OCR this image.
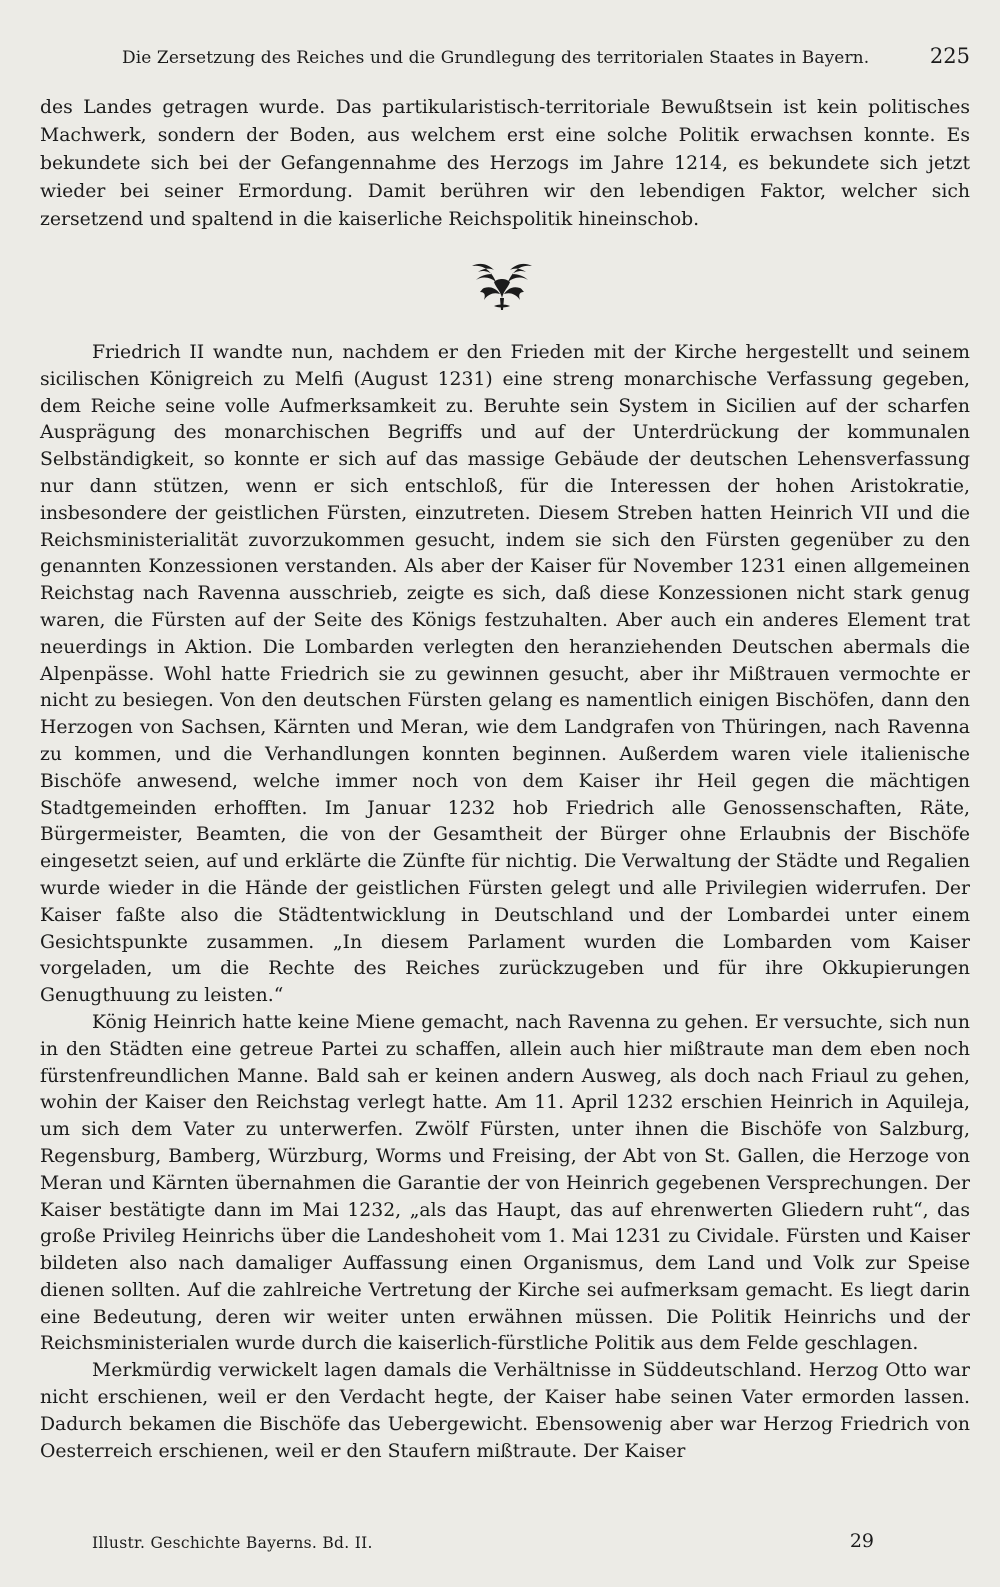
Die Zersetzung des Reiches und die Grundlegung des territorialen Staates in Bayern.	225

des Landes getragen wurde. Das partikularistisch-territoriale Bewußtsein ist kein politisches Machwerk, sondern der Boden, aus welchem erst eine solche Politik erwachsen konnte. Es bekundete sich bei der Gefangennahme des Herzogs im Jahre 1214, es bekundete sich jetzt wieder bei seiner Ermordung. Damit berühren wir den lebendigen Faktor, welcher sich zersetzend und spaltend in die kaiserliche Reichspolitik hineinschob.

Friedrich II wandte nun, nachdem er den Frieden mit der Kirche hergestellt und seinem sicilischen Königreich zu Melfi (August 1231) eine streng monarchische Verfassung gegeben, dem Reiche seine volle Aufmerksamkeit zu. Beruhte sein System in Sicilien auf der scharfen Ausprägung des monarchischen Begriffs und auf der Unterdrückung der kommunalen Selbständigkeit, so konnte er sich auf das massige Gebäude der deutschen Lehensverfassung nur dann stützen, wenn er sich entschloß, für die Interessen der hohen Aristokratie, insbesondere der geistlichen Fürsten, einzutreten. Diesem Streben hatten Heinrich VII und die Reichsministerialität zuvorzukommen gesucht, indem sie sich den Fürsten gegenüber zu den genannten Konzessionen verstanden. Als aber der Kaiser für November 1231 einen allgemeinen Reichstag nach Ravenna ausschrieb, zeigte es sich, daß diese Konzessionen nicht stark genug waren, die Fürsten auf der Seite des Königs festzuhalten. Aber auch ein anderes Element trat neuerdings in Aktion. Die Lombarden verlegten den heranziehenden Deutschen abermals die Alpenpässe. Wohl hatte Friedrich sie zu gewinnen gesucht, aber ihr Mißtrauen vermochte er nicht zu besiegen. Von den deutschen Fürsten gelang es namentlich einigen Bischöfen, dann den Herzogen von Sachsen, Kärnten und Meran, wie dem Landgrafen von Thüringen, nach Ravenna zu kommen, und die Verhandlungen konnten beginnen. Außerdem waren viele italienische Bischöfe anwesend, welche immer noch von dem Kaiser ihr Heil gegen die mächtigen Stadtgemeinden erhofften. Im Januar 1232 hob Friedrich alle Genossenschaften, Räte, Bürgermeister, Beamten, die von der Gesamtheit der Bürger ohne Erlaubnis der Bischöfe eingesetzt seien, auf und erklärte die Zünfte für nichtig. Die Verwaltung der Städte und Regalien wurde wieder in die Hände der geistlichen Fürsten gelegt und alle Privilegien widerrufen. Der Kaiser faßte also die Städtentwicklung in Deutschland und der Lombardei unter einem Gesichtspunkte zusammen. „In diesem Parlament wurden die Lombarden vom Kaiser vorgeladen, um die Rechte des Reiches zurückzugeben und für ihre Okkupierungen Genugthuung zu leisten.“

König Heinrich hatte keine Miene gemacht, nach Ravenna zu gehen. Er versuchte, sich nun in den Städten eine getreue Partei zu schaffen, allein auch hier mißtraute man dem eben noch fürstenfreundlichen Manne. Bald sah er keinen andern Ausweg, als doch nach Friaul zu gehen, wohin der Kaiser den Reichstag verlegt hatte. Am 11. April 1232 erschien Heinrich in Aquileja, um sich dem Vater zu unterwerfen. Zwölf Fürsten, unter ihnen die Bischöfe von Salzburg, Regensburg, Bamberg, Würzburg, Worms und Freising, der Abt von St. Gallen, die Herzoge von Meran und Kärnten übernahmen die Garantie der von Heinrich gegebenen Versprechungen. Der Kaiser bestätigte dann im Mai 1232, „als das Haupt, das auf ehrenwerten Gliedern ruht“, das große Privileg Heinrichs über die Landeshoheit vom 1. Mai 1231 zu Cividale. Fürsten und Kaiser bildeten also nach damaliger Auffassung einen Organismus, dem Land und Volk zur Speise dienen sollten. Auf die zahlreiche Vertretung der Kirche sei aufmerksam gemacht. Es liegt darin eine Bedeutung, deren wir weiter unten erwähnen müssen. Die Politik Heinrichs und der Reichsministerialen wurde durch die kaiserlich-fürstliche Politik aus dem Felde geschlagen.

Merkmürdig verwickelt lagen damals die Verhältnisse in Süddeutschland. Herzog Otto war nicht erschienen, weil er den Verdacht hegte, der Kaiser habe seinen Vater ermorden lassen. Dadurch bekamen die Bischöfe das Uebergewicht. Ebensowenig aber war Herzog Friedrich von Oesterreich erschienen, weil er den Staufern mißtraute. Der Kaiser

Illustr. Geschichte Bayerns. Bd. II.	29
